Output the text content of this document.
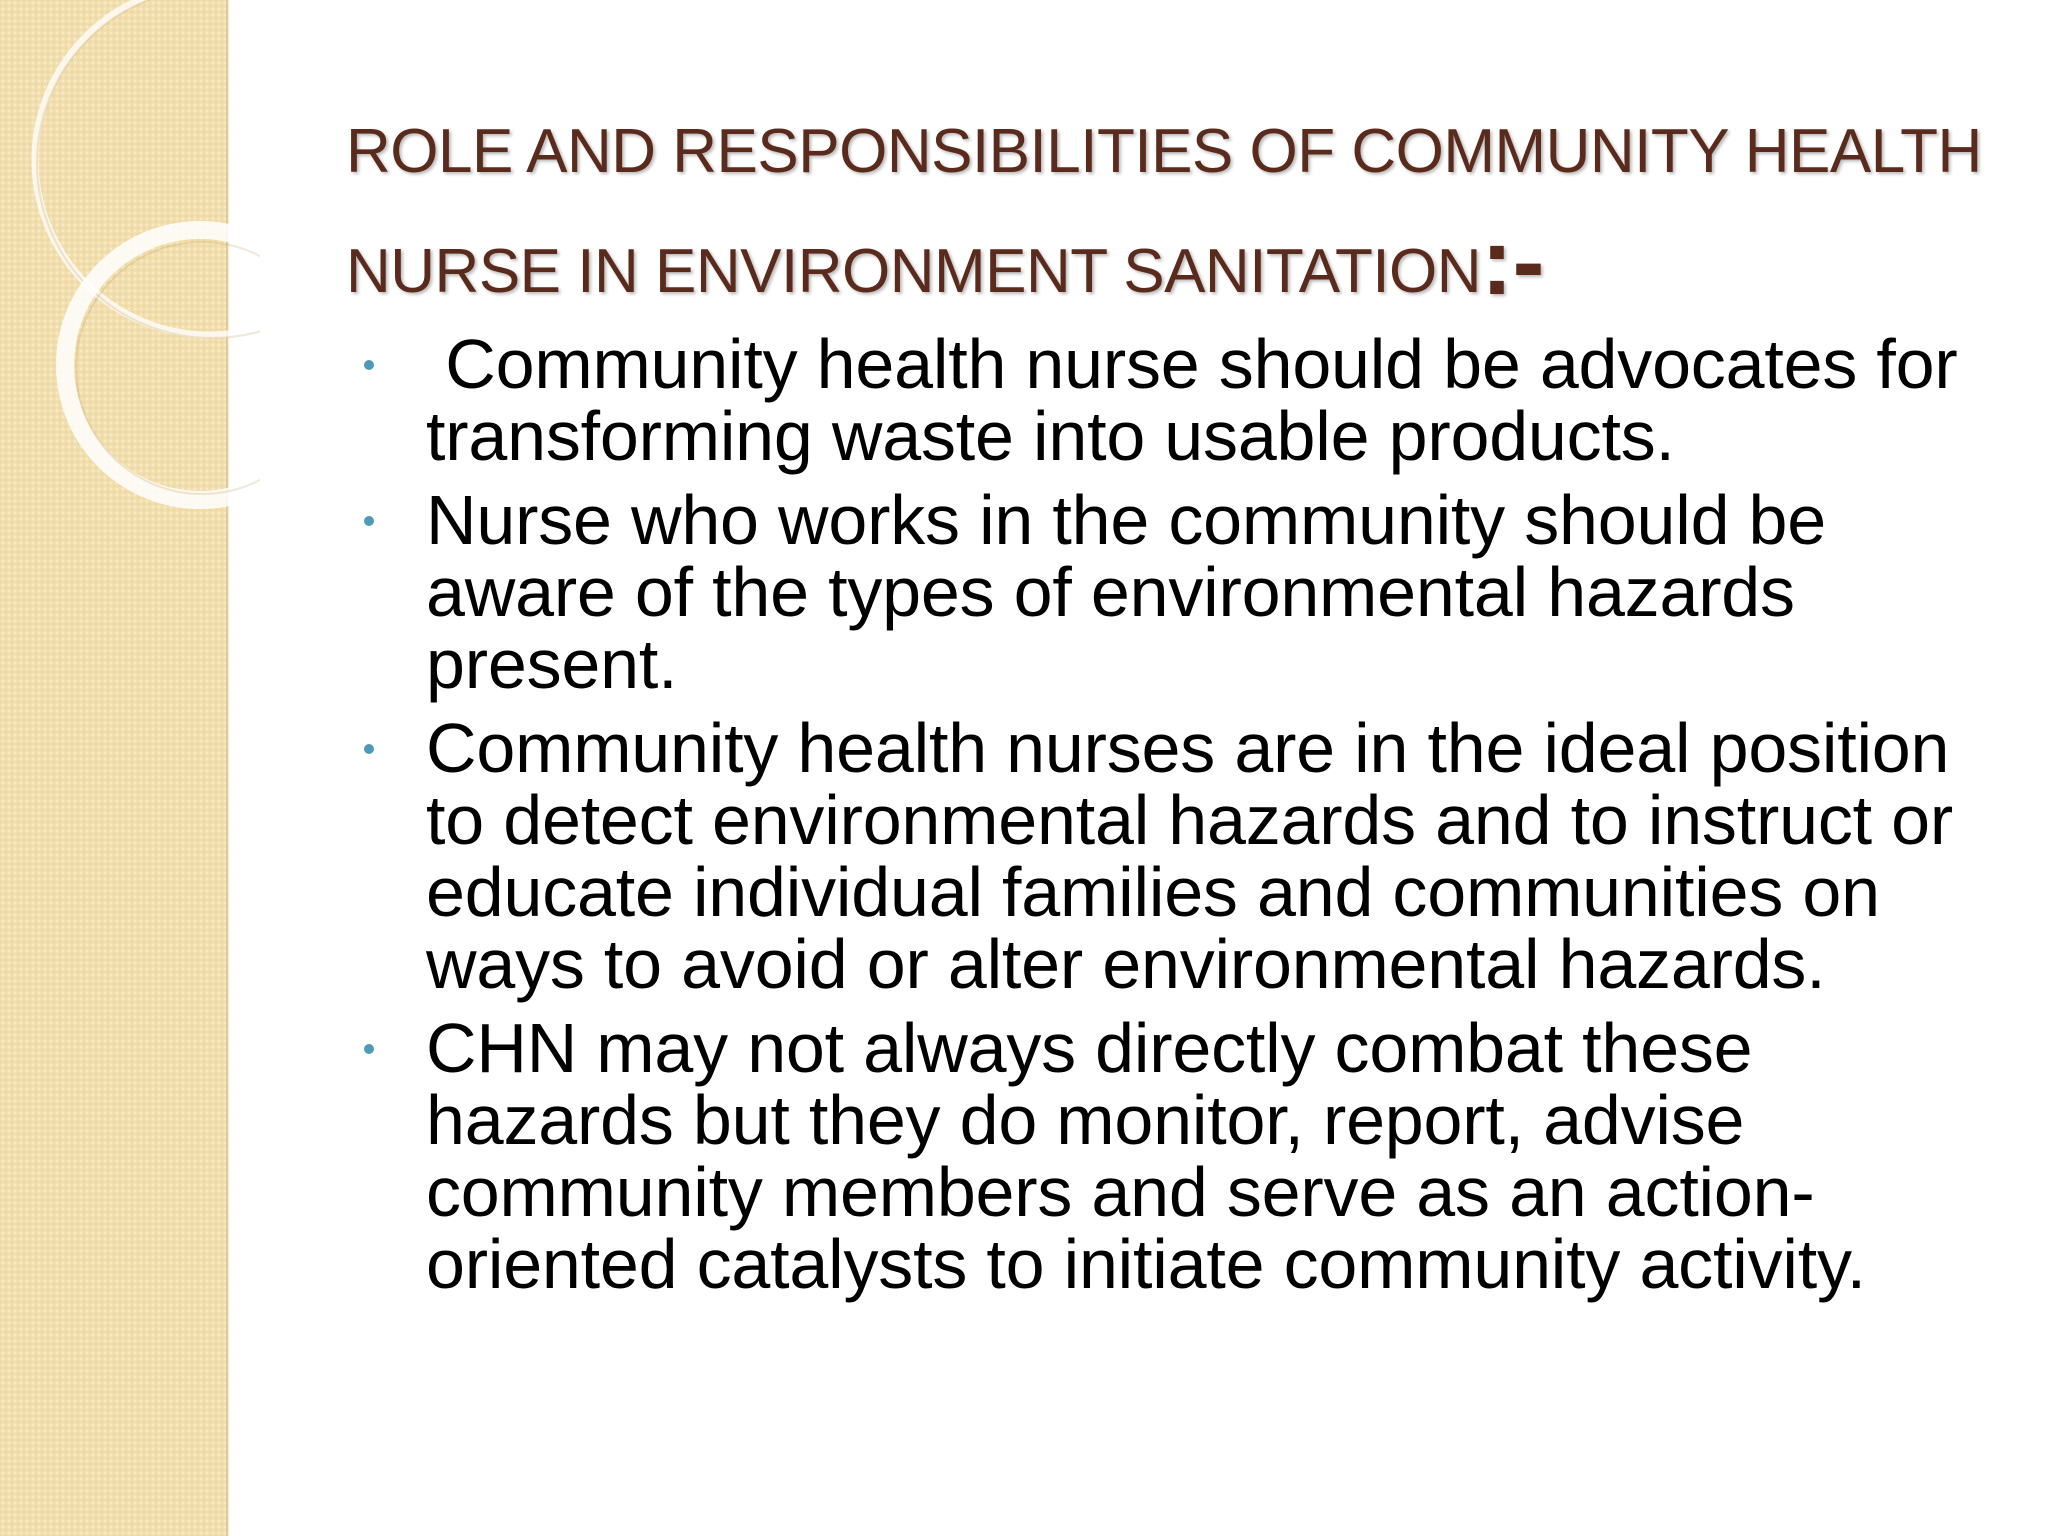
ROLE AND RESPONSIBILITIES OF COMMUNITY HEALTH NURSE IN ENVIRONMENT SANITATION:-
Community health nurse should be advocates for transforming waste into usable products.
Nurse who works in the community should be aware of the types of environmental hazards present.
Community health nurses are in the ideal position to detect environmental hazards and to instruct or educate individual families and communities on ways to avoid or alter environmental hazards.
CHN may not always directly combat these hazards but they do monitor, report, advise community members and serve as an action-oriented catalysts to initiate community activity.
